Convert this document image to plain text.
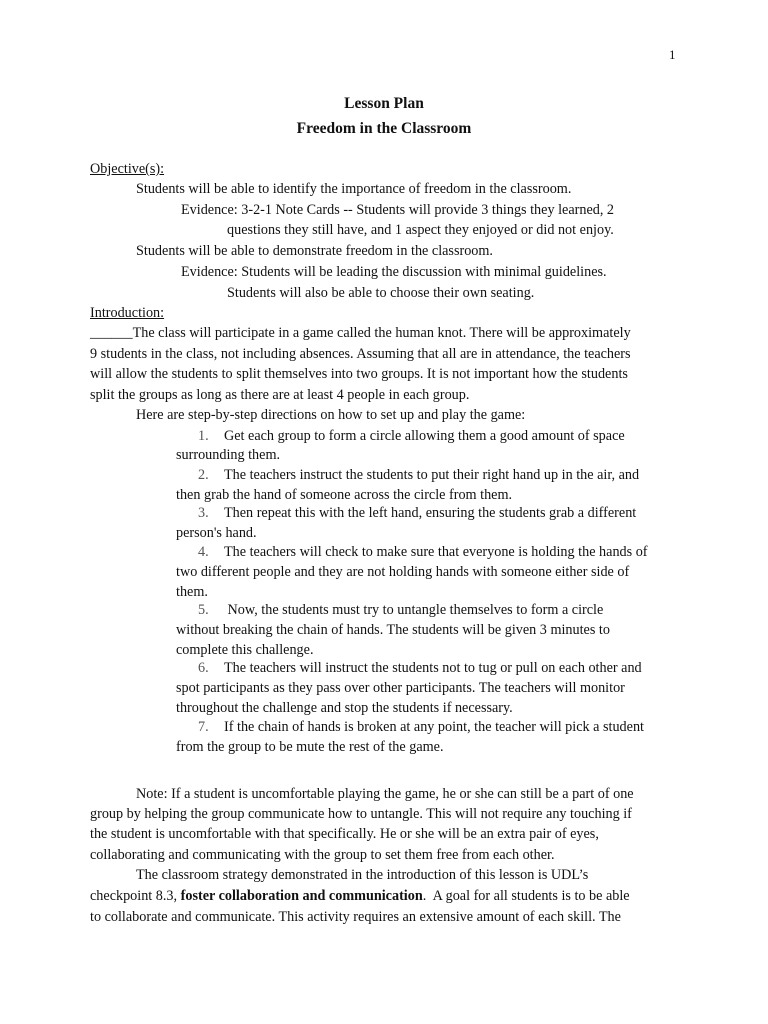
1
Lesson Plan
Freedom in the Classroom
Objective(s):
Students will be able to identify the importance of freedom in the classroom.
Evidence: 3-2-1 Note Cards -- Students will provide 3 things they learned, 2
questions they still have, and 1 aspect they enjoyed or did not enjoy.
Students will be able to demonstrate freedom in the classroom.
Evidence: Students will be leading the discussion with minimal guidelines.
Students will also be able to choose their own seating.
Introduction:
______The class will participate in a game called the human knot. There will be approximately
9 students in the class, not including absences. Assuming that all are in attendance, the teachers
will allow the students to split themselves into two groups. It is not important how the students
split the groups as long as there are at least 4 people in each group.
Here are step-by-step directions on how to set up and play the game:
1. Get each group to form a circle allowing them a good amount of space
surrounding them.
2. The teachers instruct the students to put their right hand up in the air, and
then grab the hand of someone across the circle from them.
3. Then repeat this with the left hand, ensuring the students grab a different
person's hand.
4. The teachers will check to make sure that everyone is holding the hands of
two different people and they are not holding hands with someone either side of
them.
5. Now, the students must try to untangle themselves to form a circle
without breaking the chain of hands. The students will be given 3 minutes to
complete this challenge.
6. The teachers will instruct the students not to tug or pull on each other and
spot participants as they pass over other participants. The teachers will monitor
throughout the challenge and stop the students if necessary.
7. If the chain of hands is broken at any point, the teacher will pick a student
from the group to be mute the rest of the game.
Note: If a student is uncomfortable playing the game, he or she can still be a part of one
group by helping the group communicate how to untangle. This will not require any touching if
the student is uncomfortable with that specifically. He or she will be an extra pair of eyes,
collaborating and communicating with the group to set them free from each other.
The classroom strategy demonstrated in the introduction of this lesson is UDL’s
checkpoint 8.3, foster collaboration and communication.  A goal for all students is to be able
to collaborate and communicate. This activity requires an extensive amount of each skill. The
